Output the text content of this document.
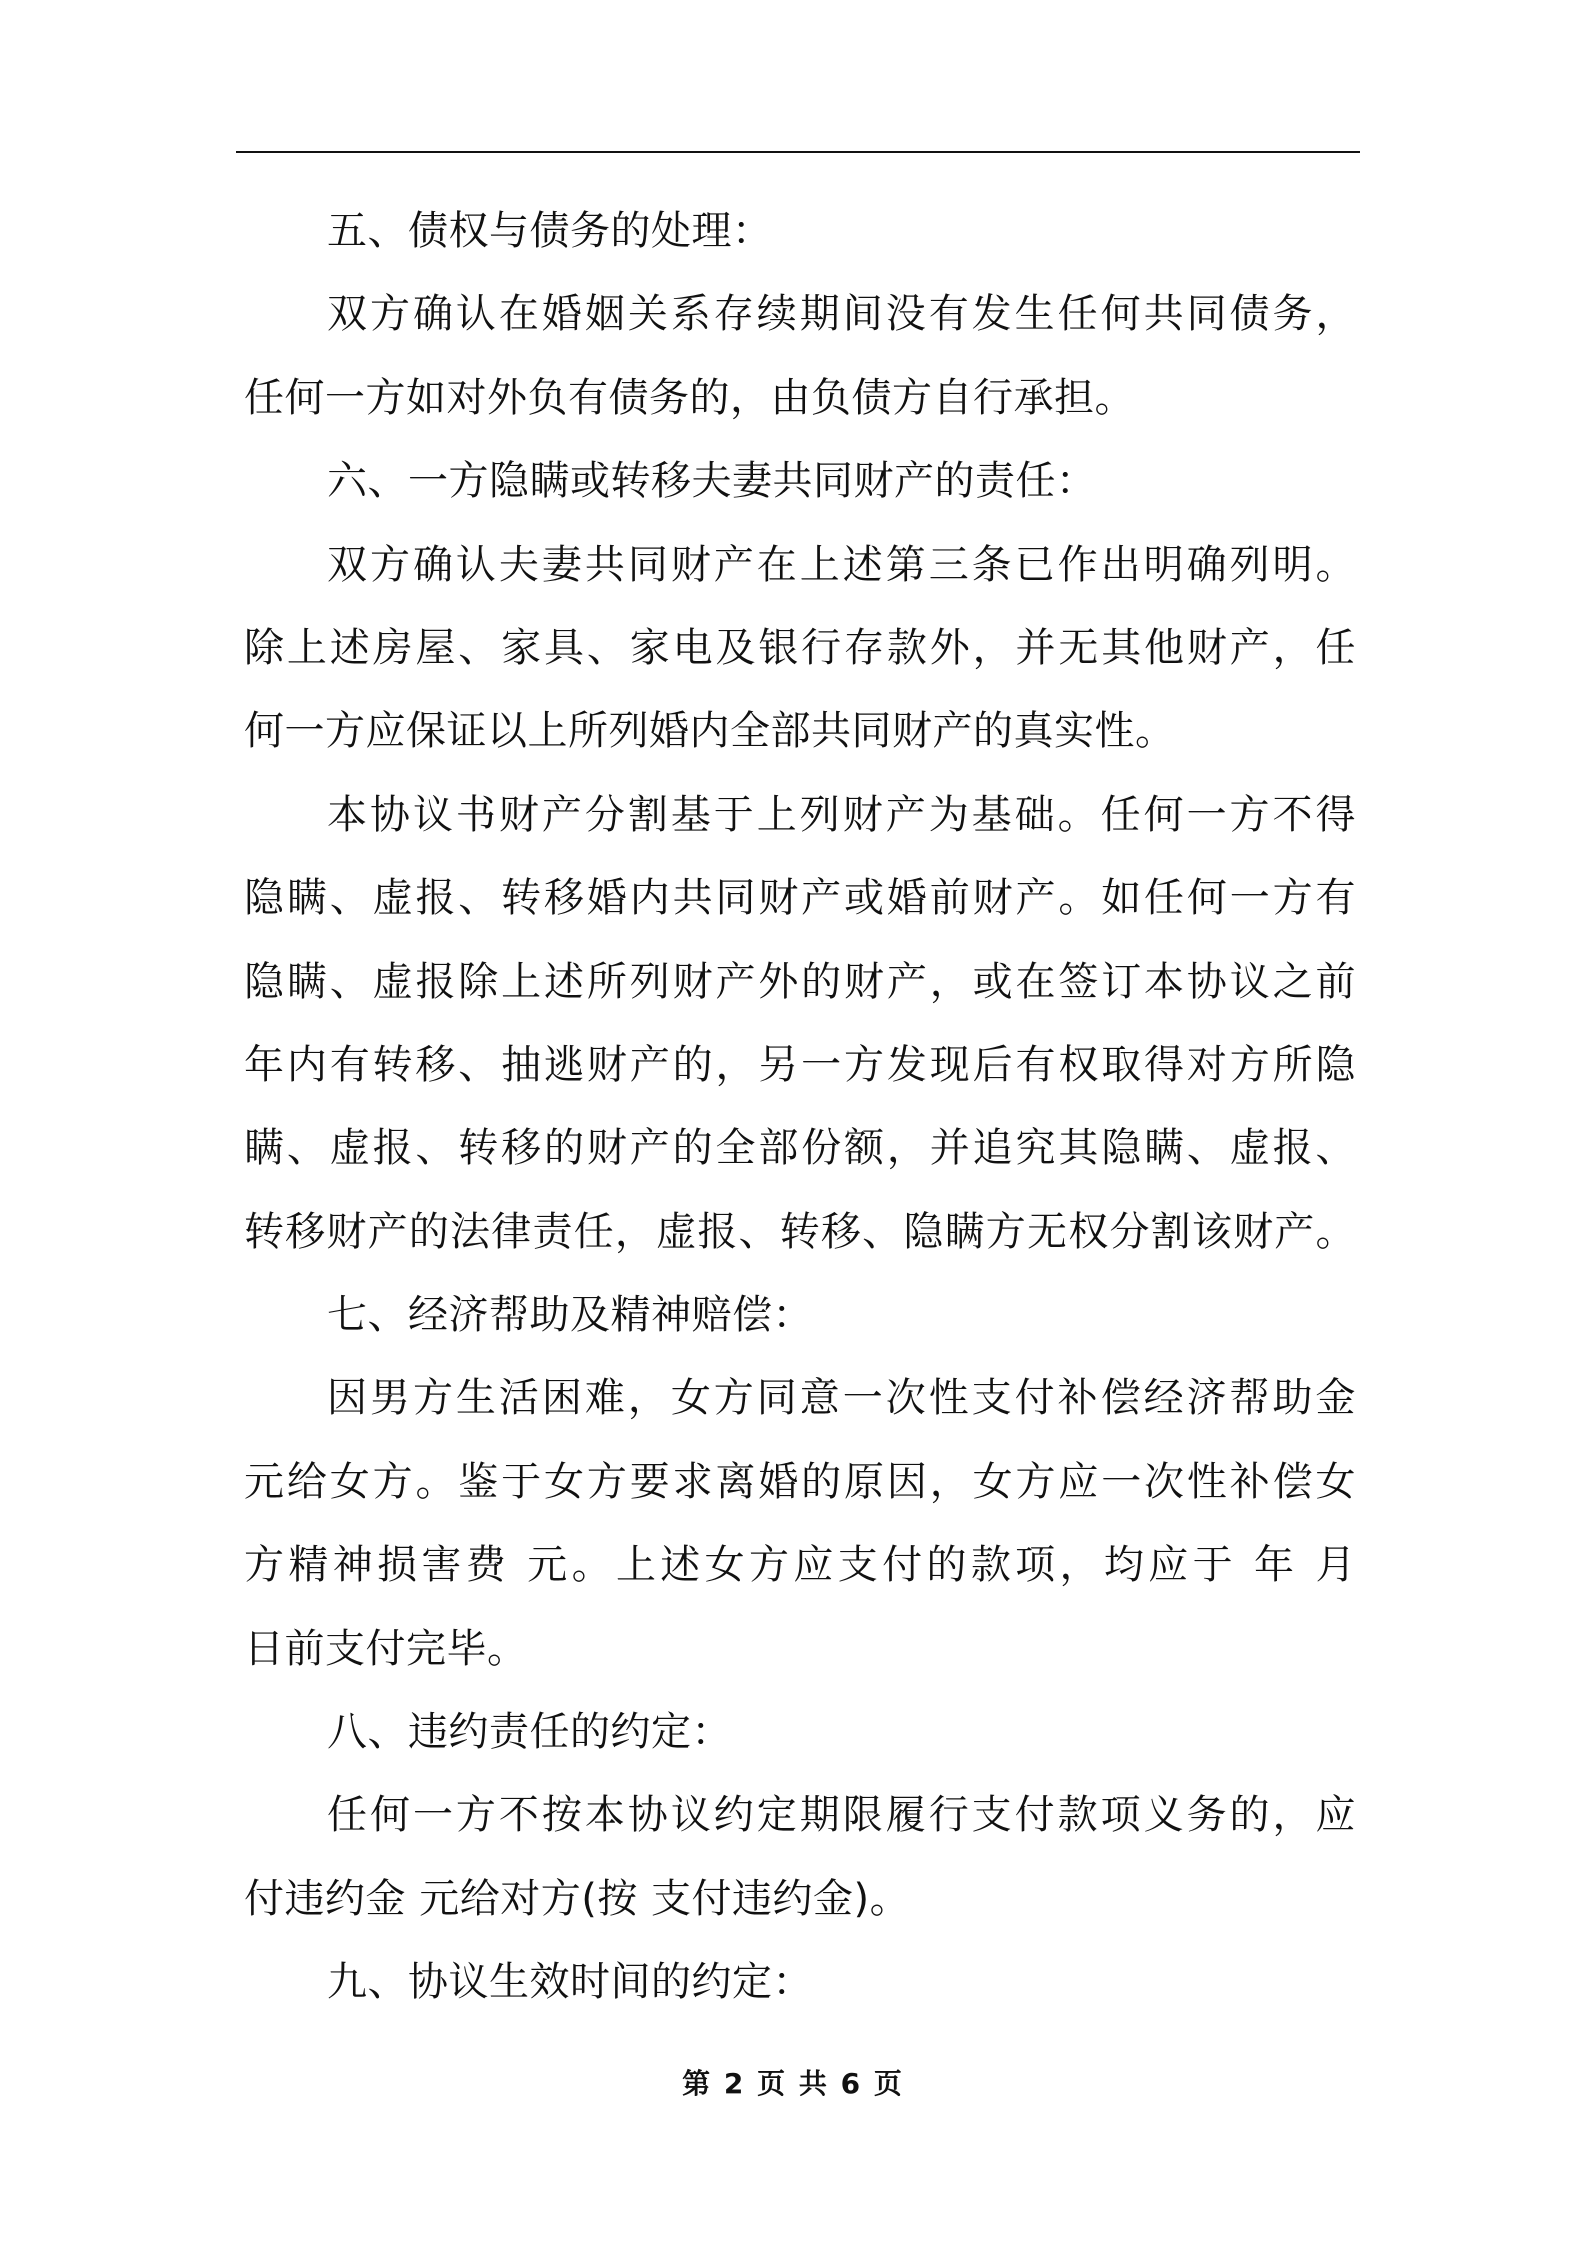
五、债权与债务的处理：
双方确认在婚姻关系存续期间没有发生任何共同债务，
任何一方如对外负有债务的，由负债方自行承担。
六、一方隐瞒或转移夫妻共同财产的责任：
双方确认夫妻共同财产在上述第三条已作出明确列明。
除上述房屋、家具、家电及银行存款外，并无其他财产，任
何一方应保证以上所列婚内全部共同财产的真实性。
本协议书财产分割基于上列财产为基础。任何一方不得
隐瞒、虚报、转移婚内共同财产或婚前财产。如任何一方有
隐瞒、虚报除上述所列财产外的财产，或在签订本协议之前
年内有转移、抽逃财产的，另一方发现后有权取得对方所隐
瞒、虚报、转移的财产的全部份额，并追究其隐瞒、虚报、
转移财产的法律责任，虚报、转移、隐瞒方无权分割该财产。
七、经济帮助及精神赔偿：
因男方生活困难，女方同意一次性支付补偿经济帮助金
元给女方。鉴于女方要求离婚的原因，女方应一次性补偿女
方精神损害费 元。上述女方应支付的款项，均应于 年 月
日前支付完毕。
八、违约责任的约定：
任何一方不按本协议约定期限履行支付款项义务的，应
付违约金 元给对方(按 支付违约金)。
九、协议生效时间的约定：
第 2 页 共 6 页
